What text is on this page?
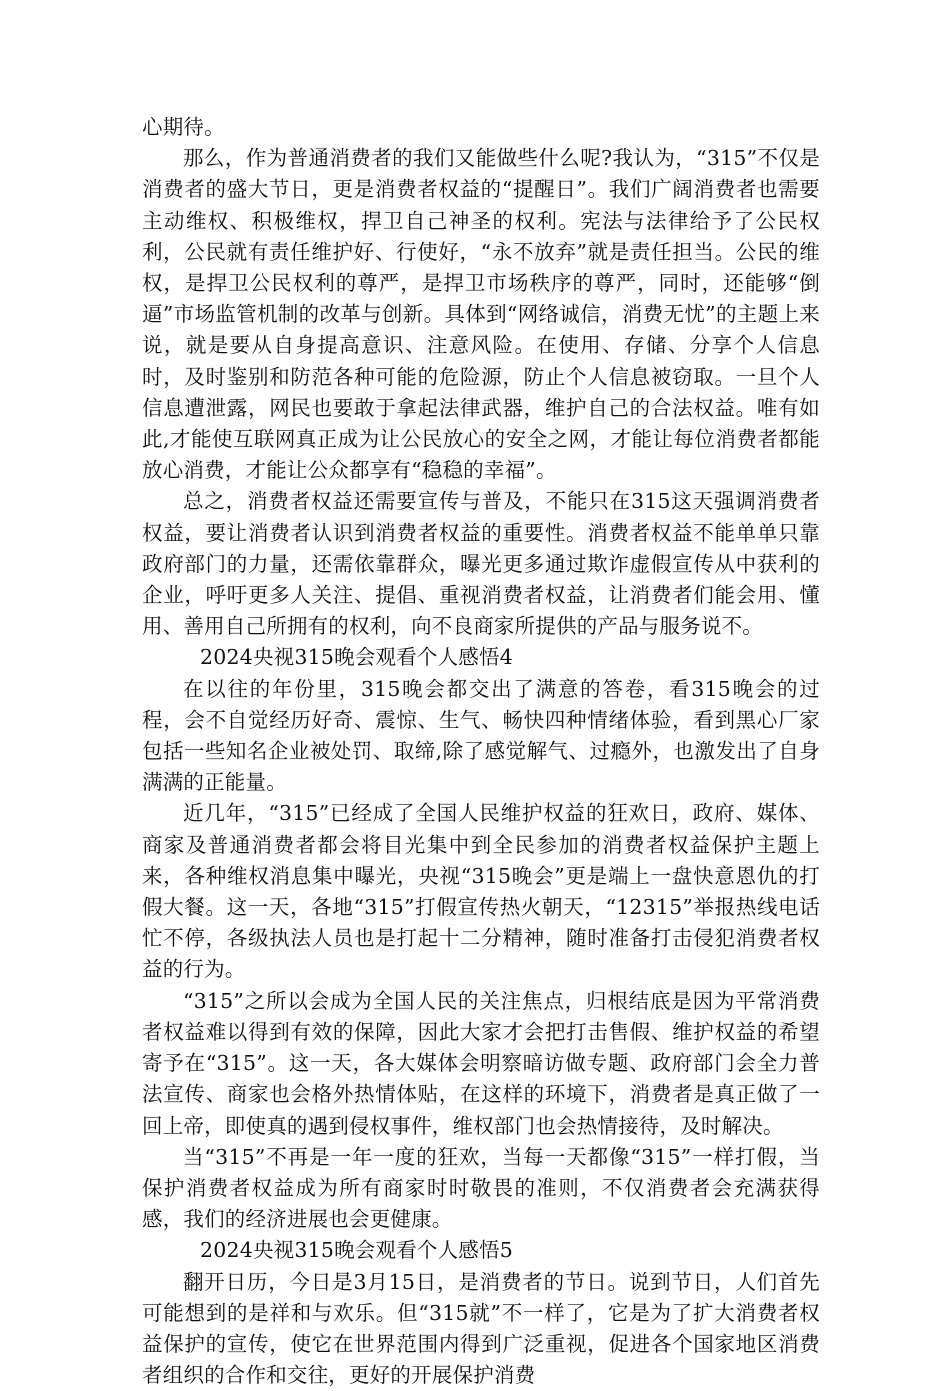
心期待。

那么，作为普通消费者的我们又能做些什么呢?我认为，“315”不仅是消费者的盛大节日，更是消费者权益的“提醒日”。我们广阔消费者也需要主动维权、积极维权，捍卫自己神圣的权利。宪法与法律给予了公民权利，公民就有责任维护好、行使好，“永不放弃”就是责任担当。公民的维权，是捍卫公民权利的尊严，是捍卫市场秩序的尊严，同时，还能够“倒逼”市场监管机制的改革与创新。具体到“网络诚信，消费无忧”的主题上来说，就是要从自身提高意识、注意风险。在使用、存储、分享个人信息时，及时鉴别和防范各种可能的危险源，防止个人信息被窃取。一旦个人信息遭泄露，网民也要敢于拿起法律武器，维护自己的合法权益。唯有如此,才能使互联网真正成为让公民放心的安全之网，才能让每位消费者都能放心消费，才能让公众都享有“稳稳的幸福”。

总之，消费者权益还需要宣传与普及，不能只在315这天强调消费者权益，要让消费者认识到消费者权益的重要性。消费者权益不能单单只靠政府部门的力量，还需依靠群众，曝光更多通过欺诈虚假宣传从中获利的企业，呼吁更多人关注、提倡、重视消费者权益，让消费者们能会用、懂用、善用自己所拥有的权利，向不良商家所提供的产品与服务说不。

2024央视315晚会观看个人感悟4

在以往的年份里，315晚会都交出了满意的答卷，看315晚会的过程，会不自觉经历好奇、震惊、生气、畅快四种情绪体验，看到黑心厂家包括一些知名企业被处罚、取缔,除了感觉解气、过瘾外，也激发出了自身满满的正能量。

近几年，“315”已经成了全国人民维护权益的狂欢日，政府、媒体、商家及普通消费者都会将目光集中到全民参加的消费者权益保护主题上来，各种维权消息集中曝光，央视“315晚会”更是端上一盘快意恩仇的打假大餐。这一天，各地“315”打假宣传热火朝天，“12315”举报热线电话忙不停，各级执法人员也是打起十二分精神，随时准备打击侵犯消费者权益的行为。

“315”之所以会成为全国人民的关注焦点，归根结底是因为平常消费者权益难以得到有效的保障，因此大家才会把打击售假、维护权益的希望寄予在“315”。这一天，各大媒体会明察暗访做专题、政府部门会全力普法宣传、商家也会格外热情体贴，在这样的环境下，消费者是真正做了一回上帝，即使真的遇到侵权事件，维权部门也会热情接待，及时解决。

当“315”不再是一年一度的狂欢，当每一天都像“315”一样打假，当保护消费者权益成为所有商家时时敬畏的准则，不仅消费者会充满获得感，我们的经济进展也会更健康。

2024央视315晚会观看个人感悟5

翻开日历，今日是3月15日，是消费者的节日。说到节日，人们首先可能想到的是祥和与欢乐。但“315就”不一样了，它是为了扩大消费者权益保护的宣传，使它在世界范围内得到广泛重视，促进各个国家地区消费者组织的合作和交往，更好的开展保护消费
